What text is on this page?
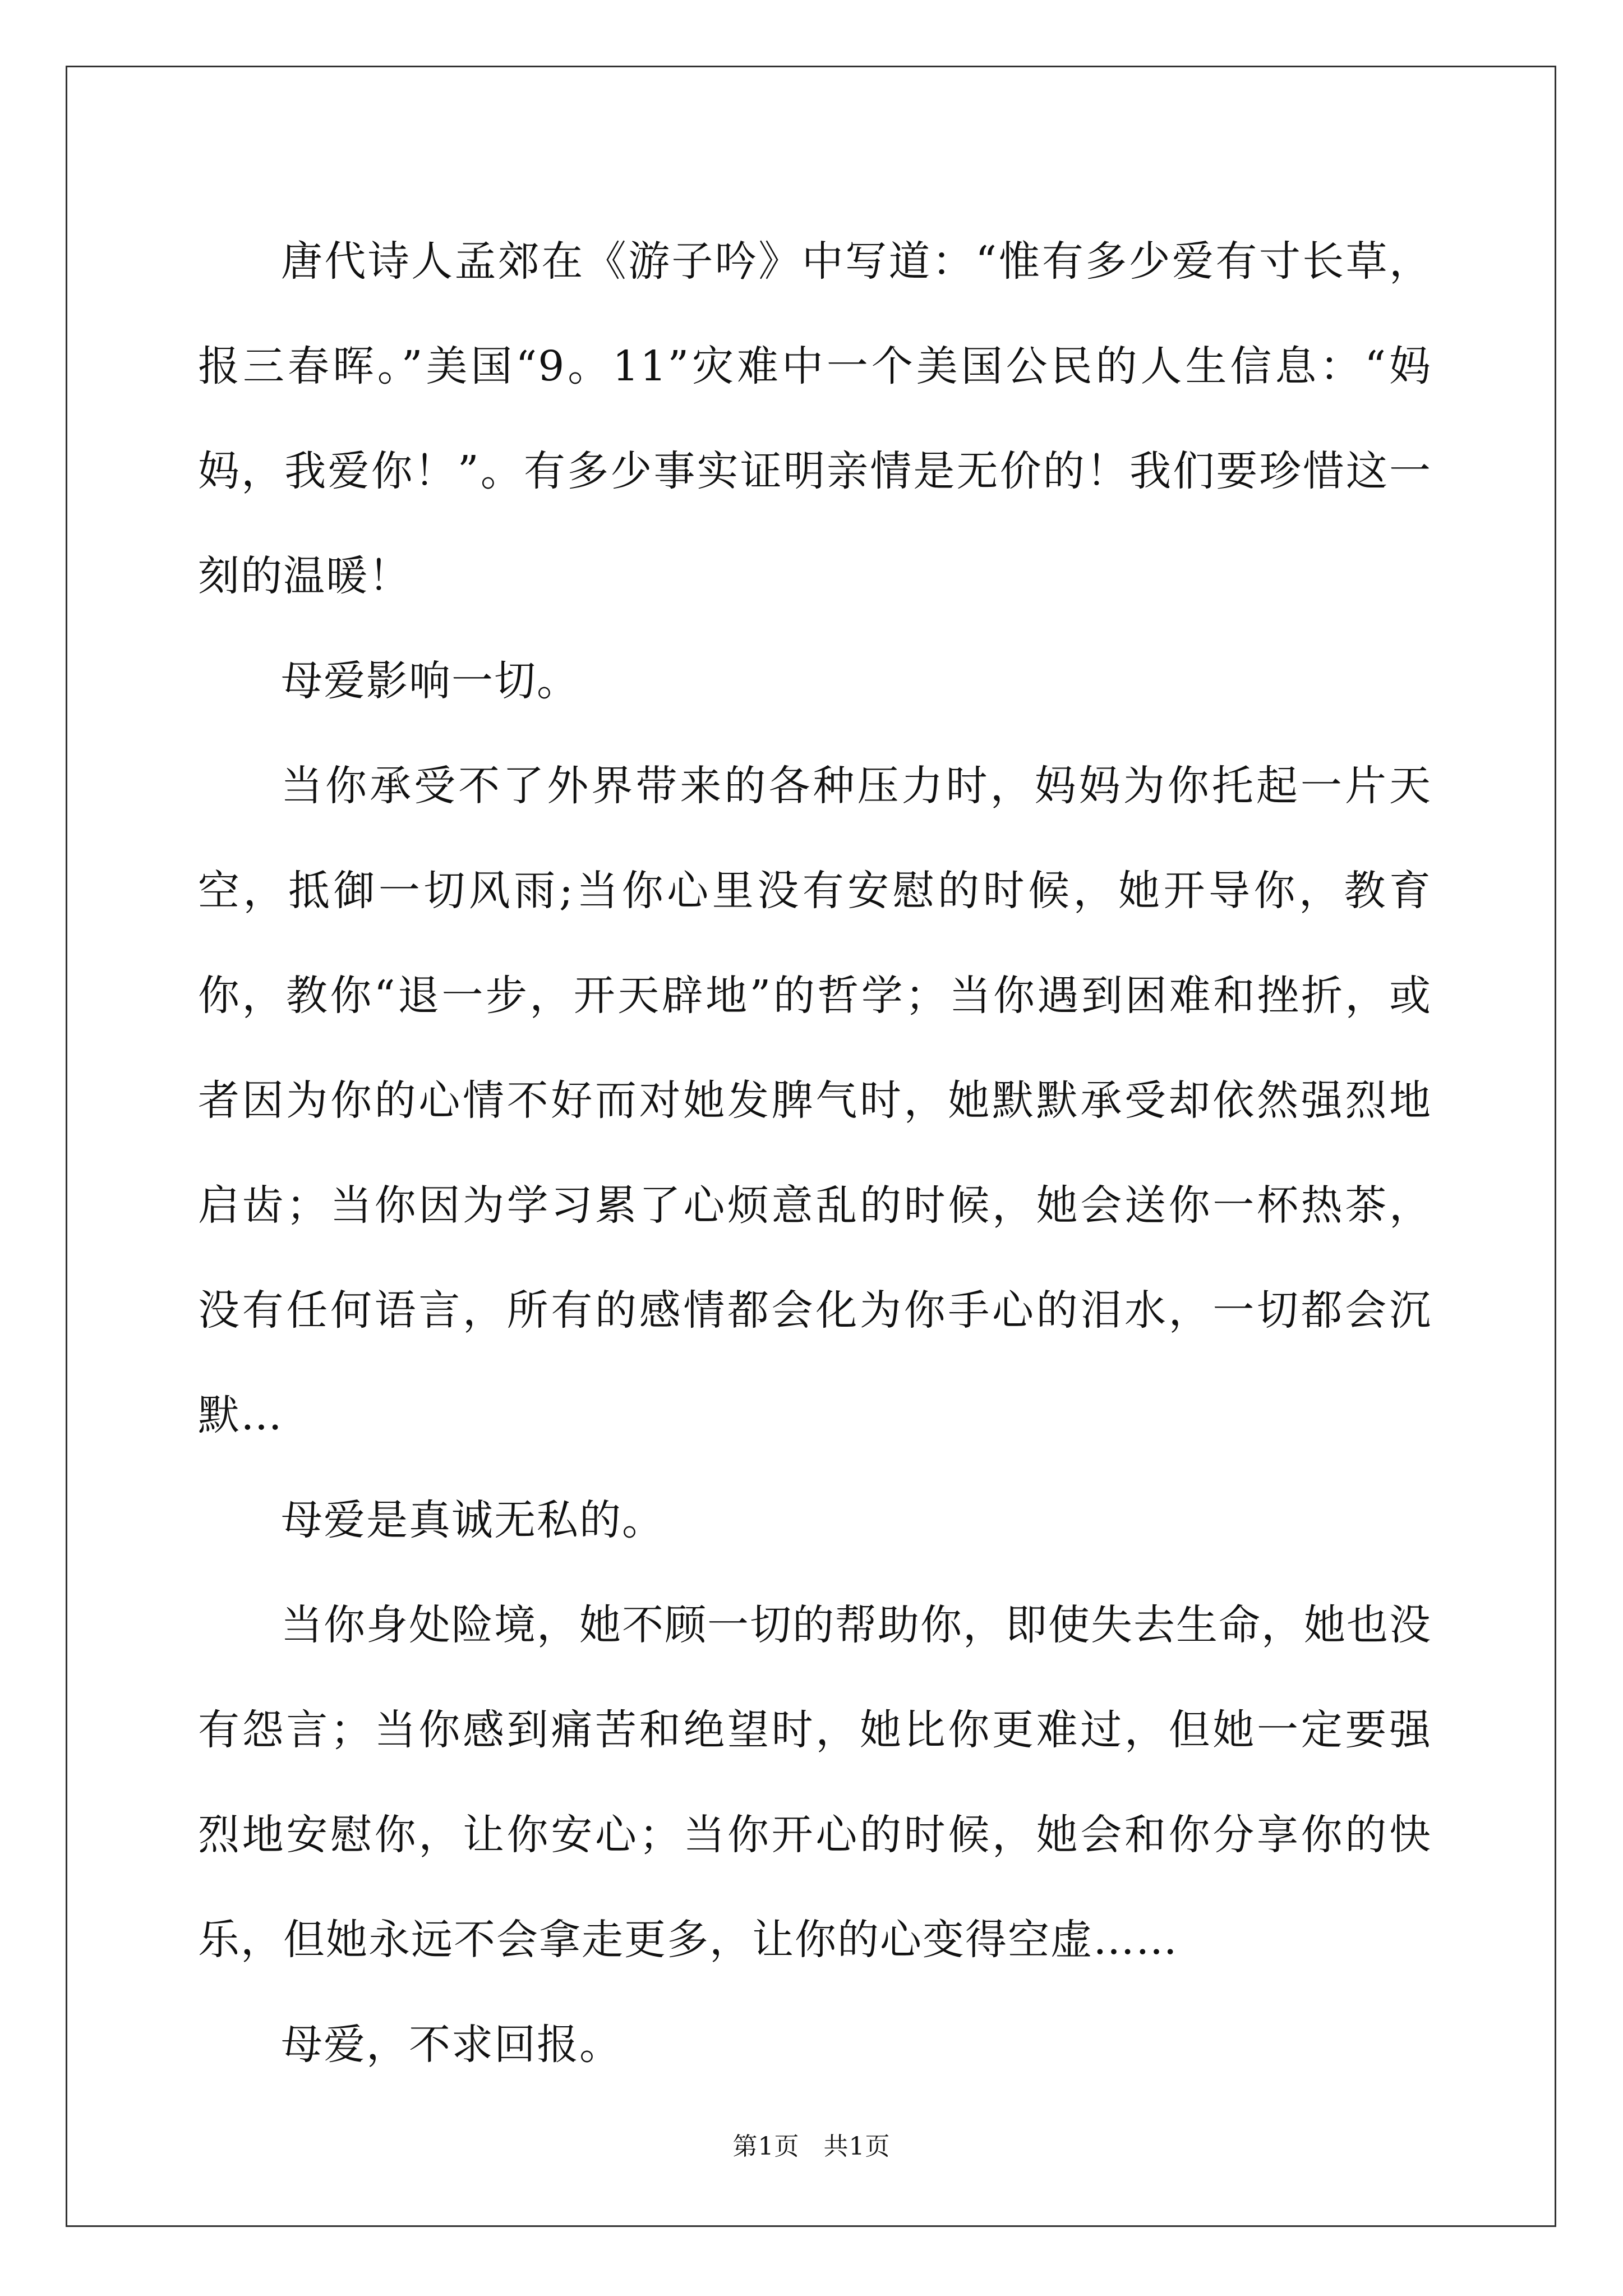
唐代诗人孟郊在《游子吟》中写道：“惟有多少爱有寸长草，报三春晖。”美国“9。11”灾难中一个美国公民的人生信息：“妈妈，我爱你！”。有多少事实证明亲情是无价的！我们要珍惜这一刻的温暖！

母爱影响一切。

当你承受不了外界带来的各种压力时，妈妈为你托起一片天空，抵御一切风雨;当你心里没有安慰的时候，她开导你，教育你，教你“退一步，开天辟地”的哲学；当你遇到困难和挫折，或者因为你的心情不好而对她发脾气时，她默默承受却依然强烈地启齿；当你因为学习累了心烦意乱的时候，她会送你一杯热茶，没有任何语言，所有的感情都会化为你手心的泪水，一切都会沉默…

母爱是真诚无私的。

当你身处险境，她不顾一切的帮助你，即使失去生命，她也没有怨言；当你感到痛苦和绝望时，她比你更难过，但她一定要强烈地安慰你，让你安心；当你开心的时候，她会和你分享你的快乐，但她永远不会拿走更多，让你的心变得空虚……

母爱，不求回报。

第1页 共1页
